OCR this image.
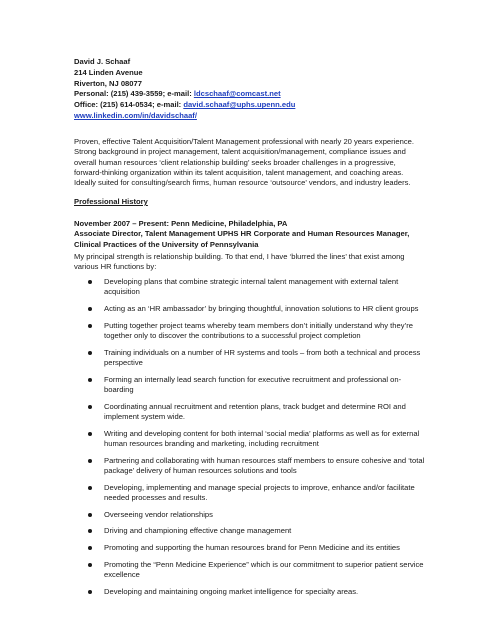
David J. Schaaf
214 Linden Avenue
Riverton, NJ 08077
Personal: (215) 439-3559; e-mail: ldcschaaf@comcast.net
Office: (215) 614-0534; e-mail: david.schaaf@uphs.upenn.edu
www.linkedin.com/in/davidschaaf/
Proven, effective Talent Acquisition/Talent Management professional with nearly 20 years experience. Strong background in project management, talent acquisition/management, compliance issues and overall human resources ‘client relationship building’ seeks broader challenges in a progressive, forward-thinking organization within its talent acquisition, talent management, and coaching areas. Ideally suited for consulting/search firms, human resource ‘outsource’ vendors, and industry leaders.
Professional History
November 2007 – Present: Penn Medicine, Philadelphia, PA
Associate Director, Talent Management UPHS HR Corporate and Human Resources Manager, Clinical Practices of the University of Pennsylvania
My principal strength is relationship building. To that end, I have ‘blurred the lines’ that exist among various HR functions by:
Developing plans that combine strategic internal talent management with external talent acquisition
Acting as an ‘HR ambassador’ by bringing thoughtful, innovation solutions to HR client groups
Putting together project teams whereby team members don’t initially understand why they’re together only to discover the contributions to a successful project completion
Training individuals on a number of HR systems and tools – from both a technical and process perspective
Forming an internally lead search function for executive recruitment and professional on-boarding
Coordinating annual recruitment and retention plans, track budget and determine ROI and implement system wide.
Writing and developing content for both internal ‘social media’ platforms as well as for external human resources branding and marketing, including recruitment
Partnering and collaborating with human resources staff members to ensure cohesive and ‘total package’ delivery of human resources solutions and tools
Developing, implementing and manage special projects to improve, enhance and/or facilitate needed processes and results.
Overseeing vendor relationships
Driving and championing effective change management
Promoting and supporting the human resources brand for Penn Medicine and its entities
Promoting the “Penn Medicine Experience” which is our commitment to superior patient service excellence
Developing and maintaining ongoing market intelligence for specialty areas.
